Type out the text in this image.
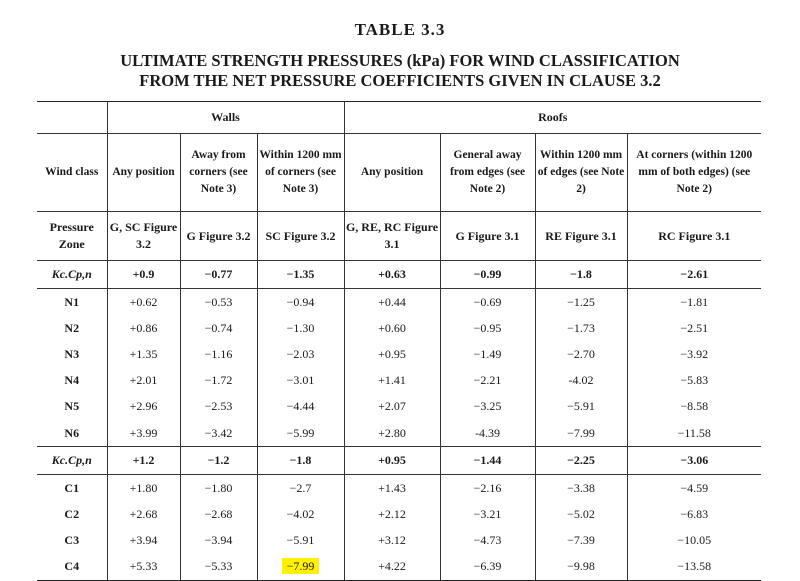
TABLE 3.3
ULTIMATE STRENGTH PRESSURES (kPa) FOR WIND CLASSIFICATION
FROM THE NET PRESSURE COEFFICIENTS GIVEN IN CLAUSE 3.2
	Walls			Roofs			
Wind class	Any position	Away from corners (see Note 3)	Within 1200 mm of corners (see Note 3)	Any position	General away from edges (see Note 2)	Within 1200 mm of edges (see Note 2)	At corners (within 1200 mm of both edges) (see Note 2)
Pressure Zone	G, SC Figure 3.2	G Figure 3.2	SC Figure 3.2	G, RE, RC Figure 3.1	G Figure 3.1	RE Figure 3.1	RC Figure 3.1
Kc.Cp,n	+0.9	−0.77	−1.35	+0.63	−0.99	−1.8	−2.61
N1	+0.62	−0.53	−0.94	+0.44	−0.69	−1.25	−1.81
N2	+0.86	−0.74	−1.30	+0.60	−0.95	−1.73	−2.51
N3	+1.35	−1.16	−2.03	+0.95	−1.49	−2.70	−3.92
N4	+2.01	−1.72	−3.01	+1.41	−2.21	-4.02	−5.83
N5	+2.96	−2.53	−4.44	+2.07	−3.25	−5.91	−8.58
N6	+3.99	−3.42	−5.99	+2.80	-4.39	−7.99	−11.58
Kc.Cp,n	+1.2	−1.2	−1.8	+0.95	−1.44	−2.25	−3.06
C1	+1.80	−1.80	−2.7	+1.43	−2.16	−3.38	−4.59
C2	+2.68	−2.68	−4.02	+2.12	−3.21	−5.02	−6.83
C3	+3.94	−3.94	−5.91	+3.12	−4.73	−7.39	−10.05
C4	+5.33	−5.33	−7.99	+4.22	−6.39	−9.98	−13.58
